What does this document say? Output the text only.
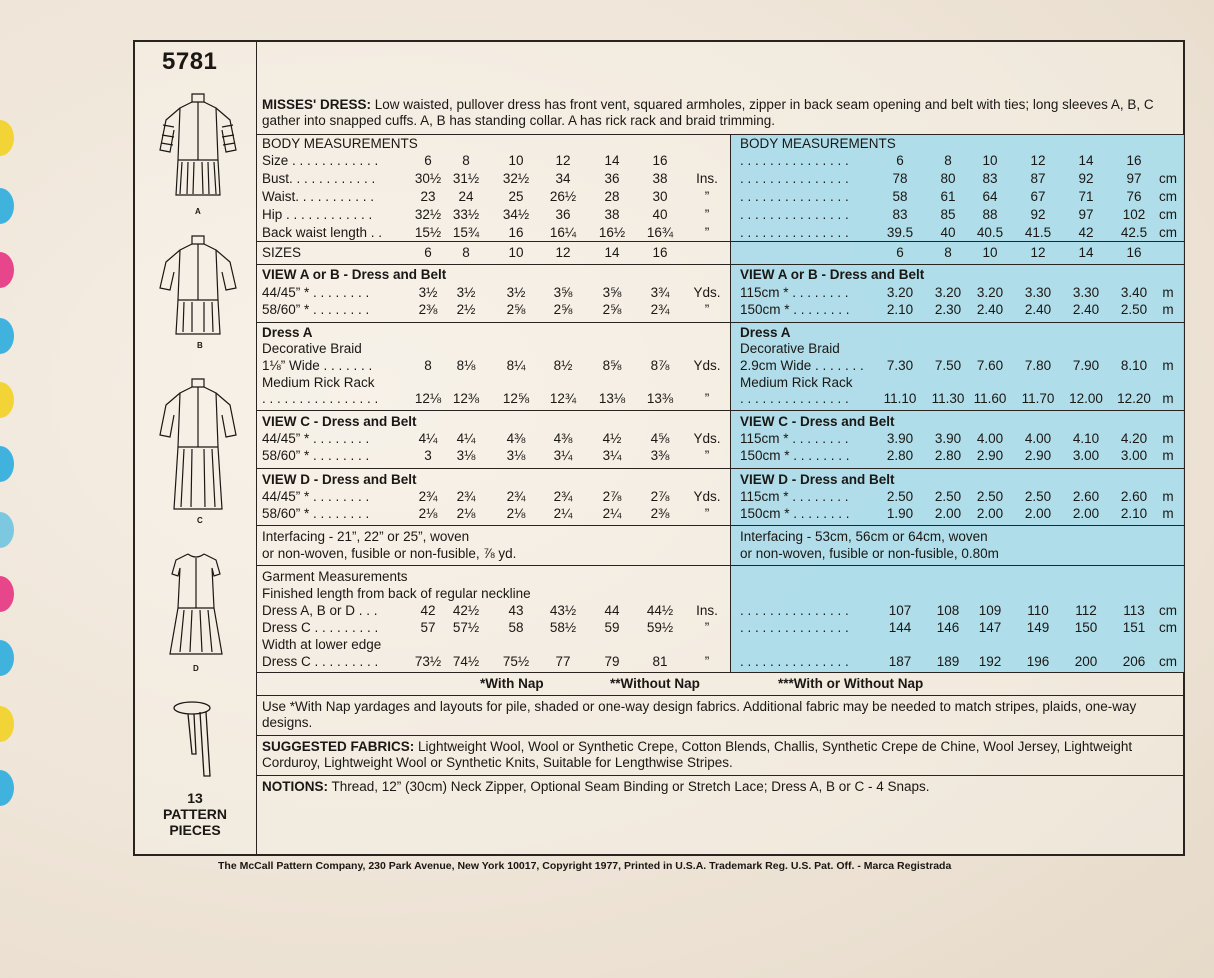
5781
A
B
C
D
13
PATTERN
PIECES
MISSES' DRESS: Low waisted, pullover dress has front vent, squared armholes, zipper in back seam opening and belt with ties; long sleeves A, B, C gather into snapped cuffs. A, B has standing collar. A has rick rack and braid trimming.
BODY MEASUREMENTS
Size . . . . . . . . . . . .	6	8	10	12	14	16
Bust. . . . . . . . . . . .	30½ 31½	32½	34	36	38	Ins.
Waist. . . . . . . . . . .	23	24	25	26½	28	30	”
Hip . . . . . . . . . . . .	32½ 33½	34½	36	38	40	”
Back waist length . .	15½ 15¾	16	16¼	16½	16¾	”
SIZES	6	8	10	12	14	16
VIEW A or B - Dress and Belt
44/45” * . . . . . . . .	3½	3½	3½	3⅝	3⅝	3¾	Yds.
58/60” * . . . . . . . .	2⅜	2½	2⅝	2⅝	2⅝	2¾	”
Dress A
Decorative Braid
1⅛” Wide . . . . . . .	8	8⅛	8¼	8½	8⅝	8⅞	Yds.
Medium Rick Rack
. . . . . . . . . . . . . . . .	12⅛ 12⅜	12⅝	12¾	13⅛	13⅜	”
VIEW C - Dress and Belt
44/45” * . . . . . . . .	4¼	4¼	4⅜	4⅜	4½	4⅝	Yds.
58/60” * . . . . . . . .	3	3⅛	3⅛	3¼	3¼	3⅜	”
VIEW D - Dress and Belt
44/45” * . . . . . . . .	2¾	2¾	2¾	2¾	2⅞	2⅞	Yds.
58/60” * . . . . . . . .	2⅛	2⅛	2⅛	2¼	2¼	2⅜	”
Interfacing - 21”, 22” or 25”, woven
or non-woven, fusible or non-fusible, ⅞ yd.
Garment Measurements
Finished length from back of regular neckline
Dress A, B or D . . .	42	42½	43	43½	44	44½	Ins.
Dress C . . . . . . . . .	57	57½	58	58½	59	59½	”
Width at lower edge
Dress C . . . . . . . . .	73½ 74½	75½	77	79	81	”
BODY MEASUREMENTS
. . . . . . . . . . . . . . .	6	8	10	12	14	16
. . . . . . . . . . . . . . .	78	80	83	87	92	97	cm
. . . . . . . . . . . . . . .	58	61	64	67	71	76	cm
. . . . . . . . . . . . . . .	83	85	88	92	97	102	cm
. . . . . . . . . . . . . . .	39.5	40	40.5	41.5	42	42.5 cm
6	8	10	12	14	16
VIEW A or B - Dress and Belt
115cm * . . . . . . . .	3.20	3.20	3.20	3.30	3.30	3.40	m
150cm * . . . . . . . .	2.10	2.30	2.40	2.40	2.40	2.50	m
Dress A
Decorative Braid
2.9cm Wide . . . . . . .	7.30	7.50	7.60	7.80	7.90	8.10	m
Medium Rick Rack
. . . . . . . . . . . . . . .	11.10 11.30 11.60 11.70 12.00 12.20 m
VIEW C - Dress and Belt
115cm * . . . . . . . .	3.90	3.90	4.00	4.00	4.10	4.20	m
150cm * . . . . . . . .	2.80	2.80	2.90	2.90	3.00	3.00	m
VIEW D - Dress and Belt
115cm * . . . . . . . .	2.50	2.50	2.50	2.50	2.60	2.60	m
150cm * . . . . . . . .	1.90	2.00	2.00	2.00	2.00	2.10	m
Interfacing - 53cm, 56cm or 64cm, woven
or non-woven, fusible or non-fusible, 0.80m
. . . . . . . . . . . . . . .	107	108	109	110	112	113	cm
. . . . . . . . . . . . . . .	144	146	147	149	150	151	cm
. . . . . . . . . . . . . . .	187	189	192	196	200	206	cm
*With Nap	**Without Nap	***With or Without Nap
Use *With Nap yardages and layouts for pile, shaded or one-way design fabrics. Additional fabric may be needed to match stripes, plaids, one-way designs.
SUGGESTED FABRICS: Lightweight Wool, Wool or Synthetic Crepe, Cotton Blends, Challis, Synthetic Crepe de Chine, Wool Jersey, Lightweight Corduroy, Lightweight Wool or Synthetic Knits, Suitable for Lengthwise Stripes.
NOTIONS: Thread, 12” (30cm) Neck Zipper, Optional Seam Binding or Stretch Lace; Dress A, B or C - 4 Snaps.
The McCall Pattern Company, 230 Park Avenue, New York 10017, Copyright 1977, Printed in U.S.A. Trademark Reg. U.S. Pat. Off. - Marca Registrada
